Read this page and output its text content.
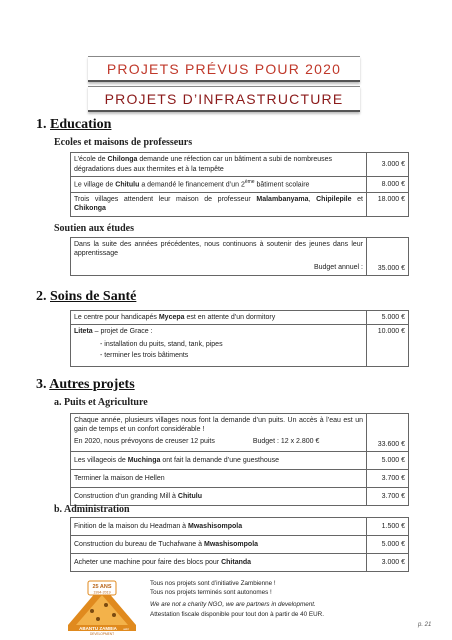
PROJETS PRÉVUS POUR 2020
PROJETS D’INFRASTRUCTURE
1. Education
Ecoles et maisons de professeurs
L’école de Chilonga demande une réfection car un bâtiment a subi de nombreuses dégradations dues aux thermites et à la tempête	3.000 €
Le village de Chitulu a demandé le financement d’un 2ème bâtiment scolaire	8.000 €
Trois villages attendent leur maison de professeur Malambanyama, Chipilepile et Chikonga	18.000 €
Soutien aux études
Dans la suite des années précédentes, nous continuons à soutenir des jeunes dans leur apprentissage
Budget annuel :	35.000 €
2. Soins de Santé
Le centre pour handicapés Mycepa est en attente d’un dormitory	5.000 €

Liteta – projet de Grace :
- installation du puits, stand, tank, pipes
- terminer les trois bâtiments	10.000 €
3. Autres projets
a. Puits et Agriculture
Chaque année, plusieurs villages nous font la demande d’un puits. Un accès à l’eau est un gain de temps et un confort considérable !
En 2020, nous prévoyons de creuser 12 puits Budget : 12 x 2.800 €	33.600 €
Les villageois de Muchinga ont fait la demande d’une guesthouse	5.000 €
Terminer la maison de Hellen	3.700 €
Construction d’un granding Mill à Chitulu	3.700 €
b. Administration
Finition de la maison du Headman à Mwashisompola	1.500 €
Construction du bureau de Tuchafwane à Mwashisompola	5.000 €
Acheter une machine pour faire des blocs pour Chitanda	3.000 €
25 ANS
1994-2019
ABANTU ZAMBIA asbl
DEVELOPMENT
Tous nos projets sont d’initiative Zambienne !
Tous nos projets terminés sont autonomes !
We are not a charity NGO, we are partners in development.
Attestation fiscale disponible pour tout don à partir de 40 EUR.
p. 21
